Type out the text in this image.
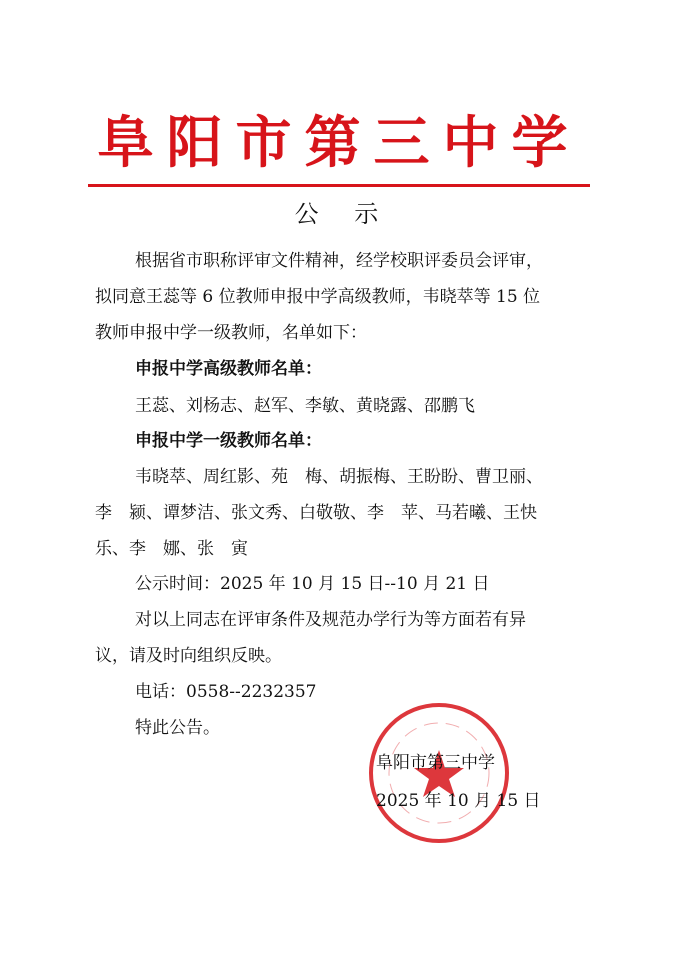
阜阳市第三中学
公 示
根据省市职称评审文件精神，经学校职评委员会评审，
拟同意王蕊等 6 位教师申报中学高级教师，韦晓萃等 15 位
教师申报中学一级教师，名单如下：
申报中学高级教师名单：
王蕊、刘杨志、赵军、李敏、黄晓露、邵鹏飞
申报中学一级教师名单：
韦晓萃、周红影、苑　梅、胡振梅、王盼盼、曹卫丽、
李　颍、谭梦洁、张文秀、白敬敬、李　苹、马若曦、王快
乐、李　娜、张　寅
公示时间：2025 年 10 月 15 日--10 月 21 日
对以上同志在评审条件及规范办学行为等方面若有异
议，请及时向组织反映。
电话：0558--2232357
特此公告。
阜阳市第三中学
2025 年 10 月 15 日
